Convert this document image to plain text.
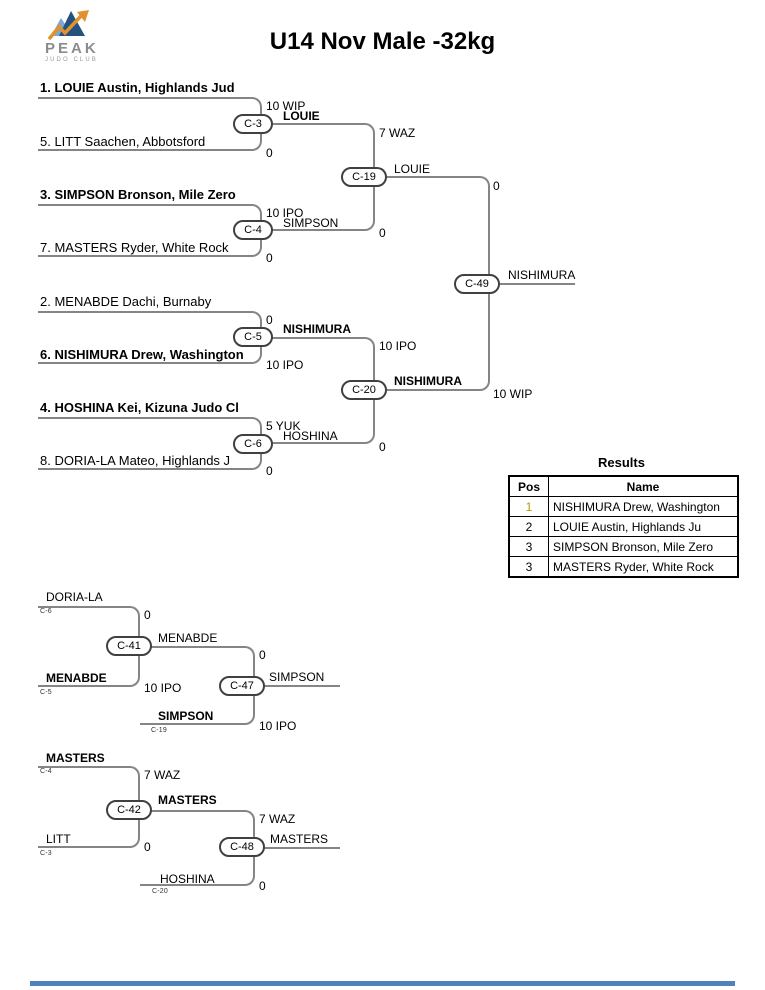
PEAK
JUDO CLUB
U14 Nov Male -32kg
C-3
C-4
C-5
C-6
C-19
C-20
C-49
C-41
C-47
C-42
C-48
1. LOUIE Austin, Highlands Jud
5. LITT Saachen, Abbotsford
3. SIMPSON Bronson, Mile Zero
7. MASTERS Ryder, White Rock
2. MENABDE Dachi, Burnaby
6. NISHIMURA Drew, Washington
4. HOSHINA Kei, Kizuna Judo Cl
8. DORIA-LA Mateo, Highlands J
10 WIP
0
10 IPO
0
0
10 IPO
5 YUK
0
7 WAZ
0
10 IPO
0
0
10 WIP
LOUIE
SIMPSON
NISHIMURA
HOSHINA
LOUIE
NISHIMURA
NISHIMURA
Results
Pos	Name
1	NISHIMURA Drew, Washington
2	LOUIE Austin, Highlands Ju
3	SIMPSON Bronson, Mile Zero
3	MASTERS Ryder, White Rock
DORIA-LA
C-6	0
MENABDE
C-5	10 IPO
MENABDE
0
SIMPSON
C-19	10 IPO
SIMPSON
MASTERS
C-4	7 WAZ
LITT
C-3	0
MASTERS
7 WAZ
HOSHINA
C-20	0
MASTERS
